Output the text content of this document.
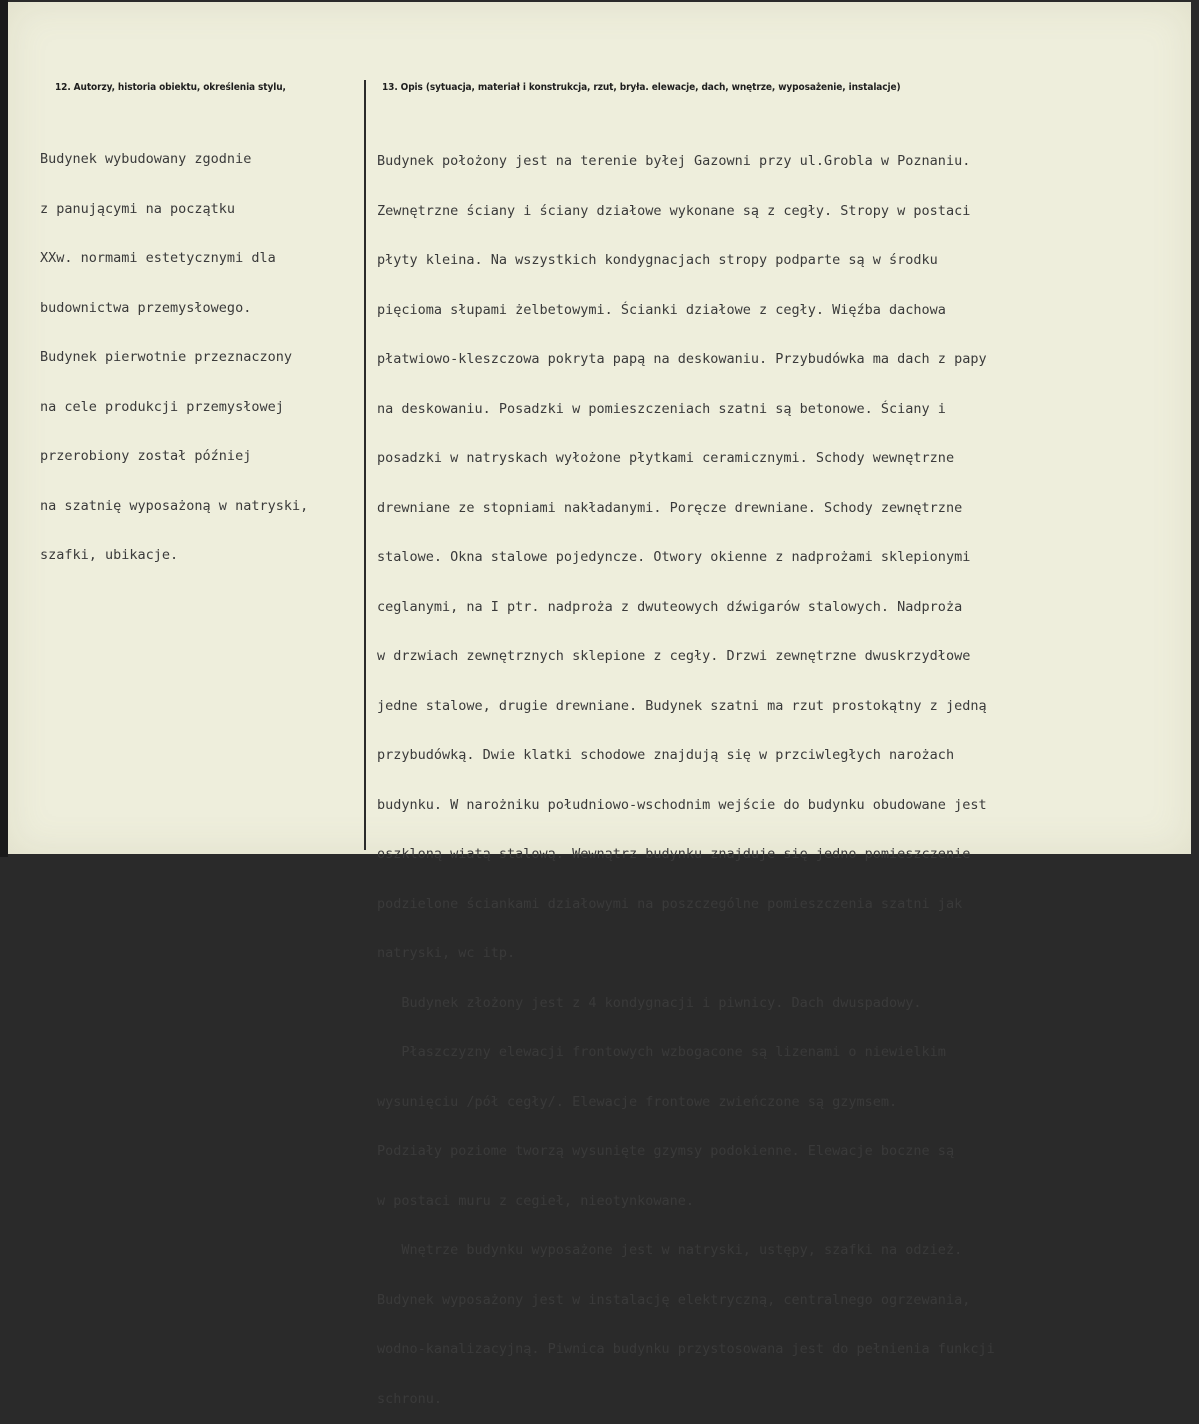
12. Autorzy, historia obiektu, określenia stylu,	13. Opis (sytuacja, materiał i konstrukcja, rzut, bryła. elewacje, dach, wnętrze, wyposażenie, instalacje)

Budynek wybudowany zgodnie

z panującymi na początku

XXw. normami estetycznymi dla

budownictwa przemysłowego.

Budynek pierwotnie przeznaczony

na cele produkcji przemysłowej

przerobiony został później

na szatnię wyposażoną w natryski,

szafki, ubikacje.

Budynek położony jest na terenie byłej Gazowni przy ul.Grobla w Poznaniu.

Zewnętrzne ściany i ściany działowe wykonane są z cegły. Stropy w postaci

płyty kleina. Na wszystkich kondygnacjach stropy podparte są w środku

pięcioma słupami żelbetowymi. Ścianki działowe z cegły. Więźba dachowa

płatwiowo-kleszczowa pokryta papą na deskowaniu. Przybudówka ma dach z papy

na deskowaniu. Posadzki w pomieszczeniach szatni są betonowe. Ściany i

posadzki w natryskach wyłożone płytkami ceramicznymi. Schody wewnętrzne

drewniane ze stopniami nakładanymi. Poręcze drewniane. Schody zewnętrzne

stalowe. Okna stalowe pojedyncze. Otwory okienne z nadprożami sklepionymi

ceglanymi, na I ptr. nadproża z dwuteowych dźwigarów stalowych. Nadproża

w drzwiach zewnętrznych sklepione z cegły. Drzwi zewnętrzne dwuskrzydłowe

jedne stalowe, drugie drewniane. Budynek szatni ma rzut prostokątny z jedną

przybudówką. Dwie klatki schodowe znajdują się w przciwległych narożach

budynku. W narożniku południowo-wschodnim wejście do budynku obudowane jest

oszkloną wiatą stalową. Wewnątrz budynku znajduje się jedno pomieszczenie

podzielone ściankami działowymi na poszczególne pomieszczenia szatni jak

natryski, wc itp.

Budynek złożony jest z 4 kondygnacji i piwnicy. Dach dwuspadowy.

Płaszczyzny elewacji frontowych wzbogacone są lizenami o niewielkim

wysunięciu /pół cegły/. Elewacje frontowe zwieńczone są gzymsem.

Podziały poziome tworzą wysunięte gzymsy podokienne. Elewacje boczne są

w postaci muru z cegieł, nieotynkowane.

Wnętrze budynku wyposażone jest w natryski, ustępy, szafki na odzież.

Budynek wyposażony jest w instalację elektryczną, centralnego ogrzewania,

wodno-kanalizacyjną. Piwnica budynku przystosowana jest do pełnienia funkcji

schronu.
